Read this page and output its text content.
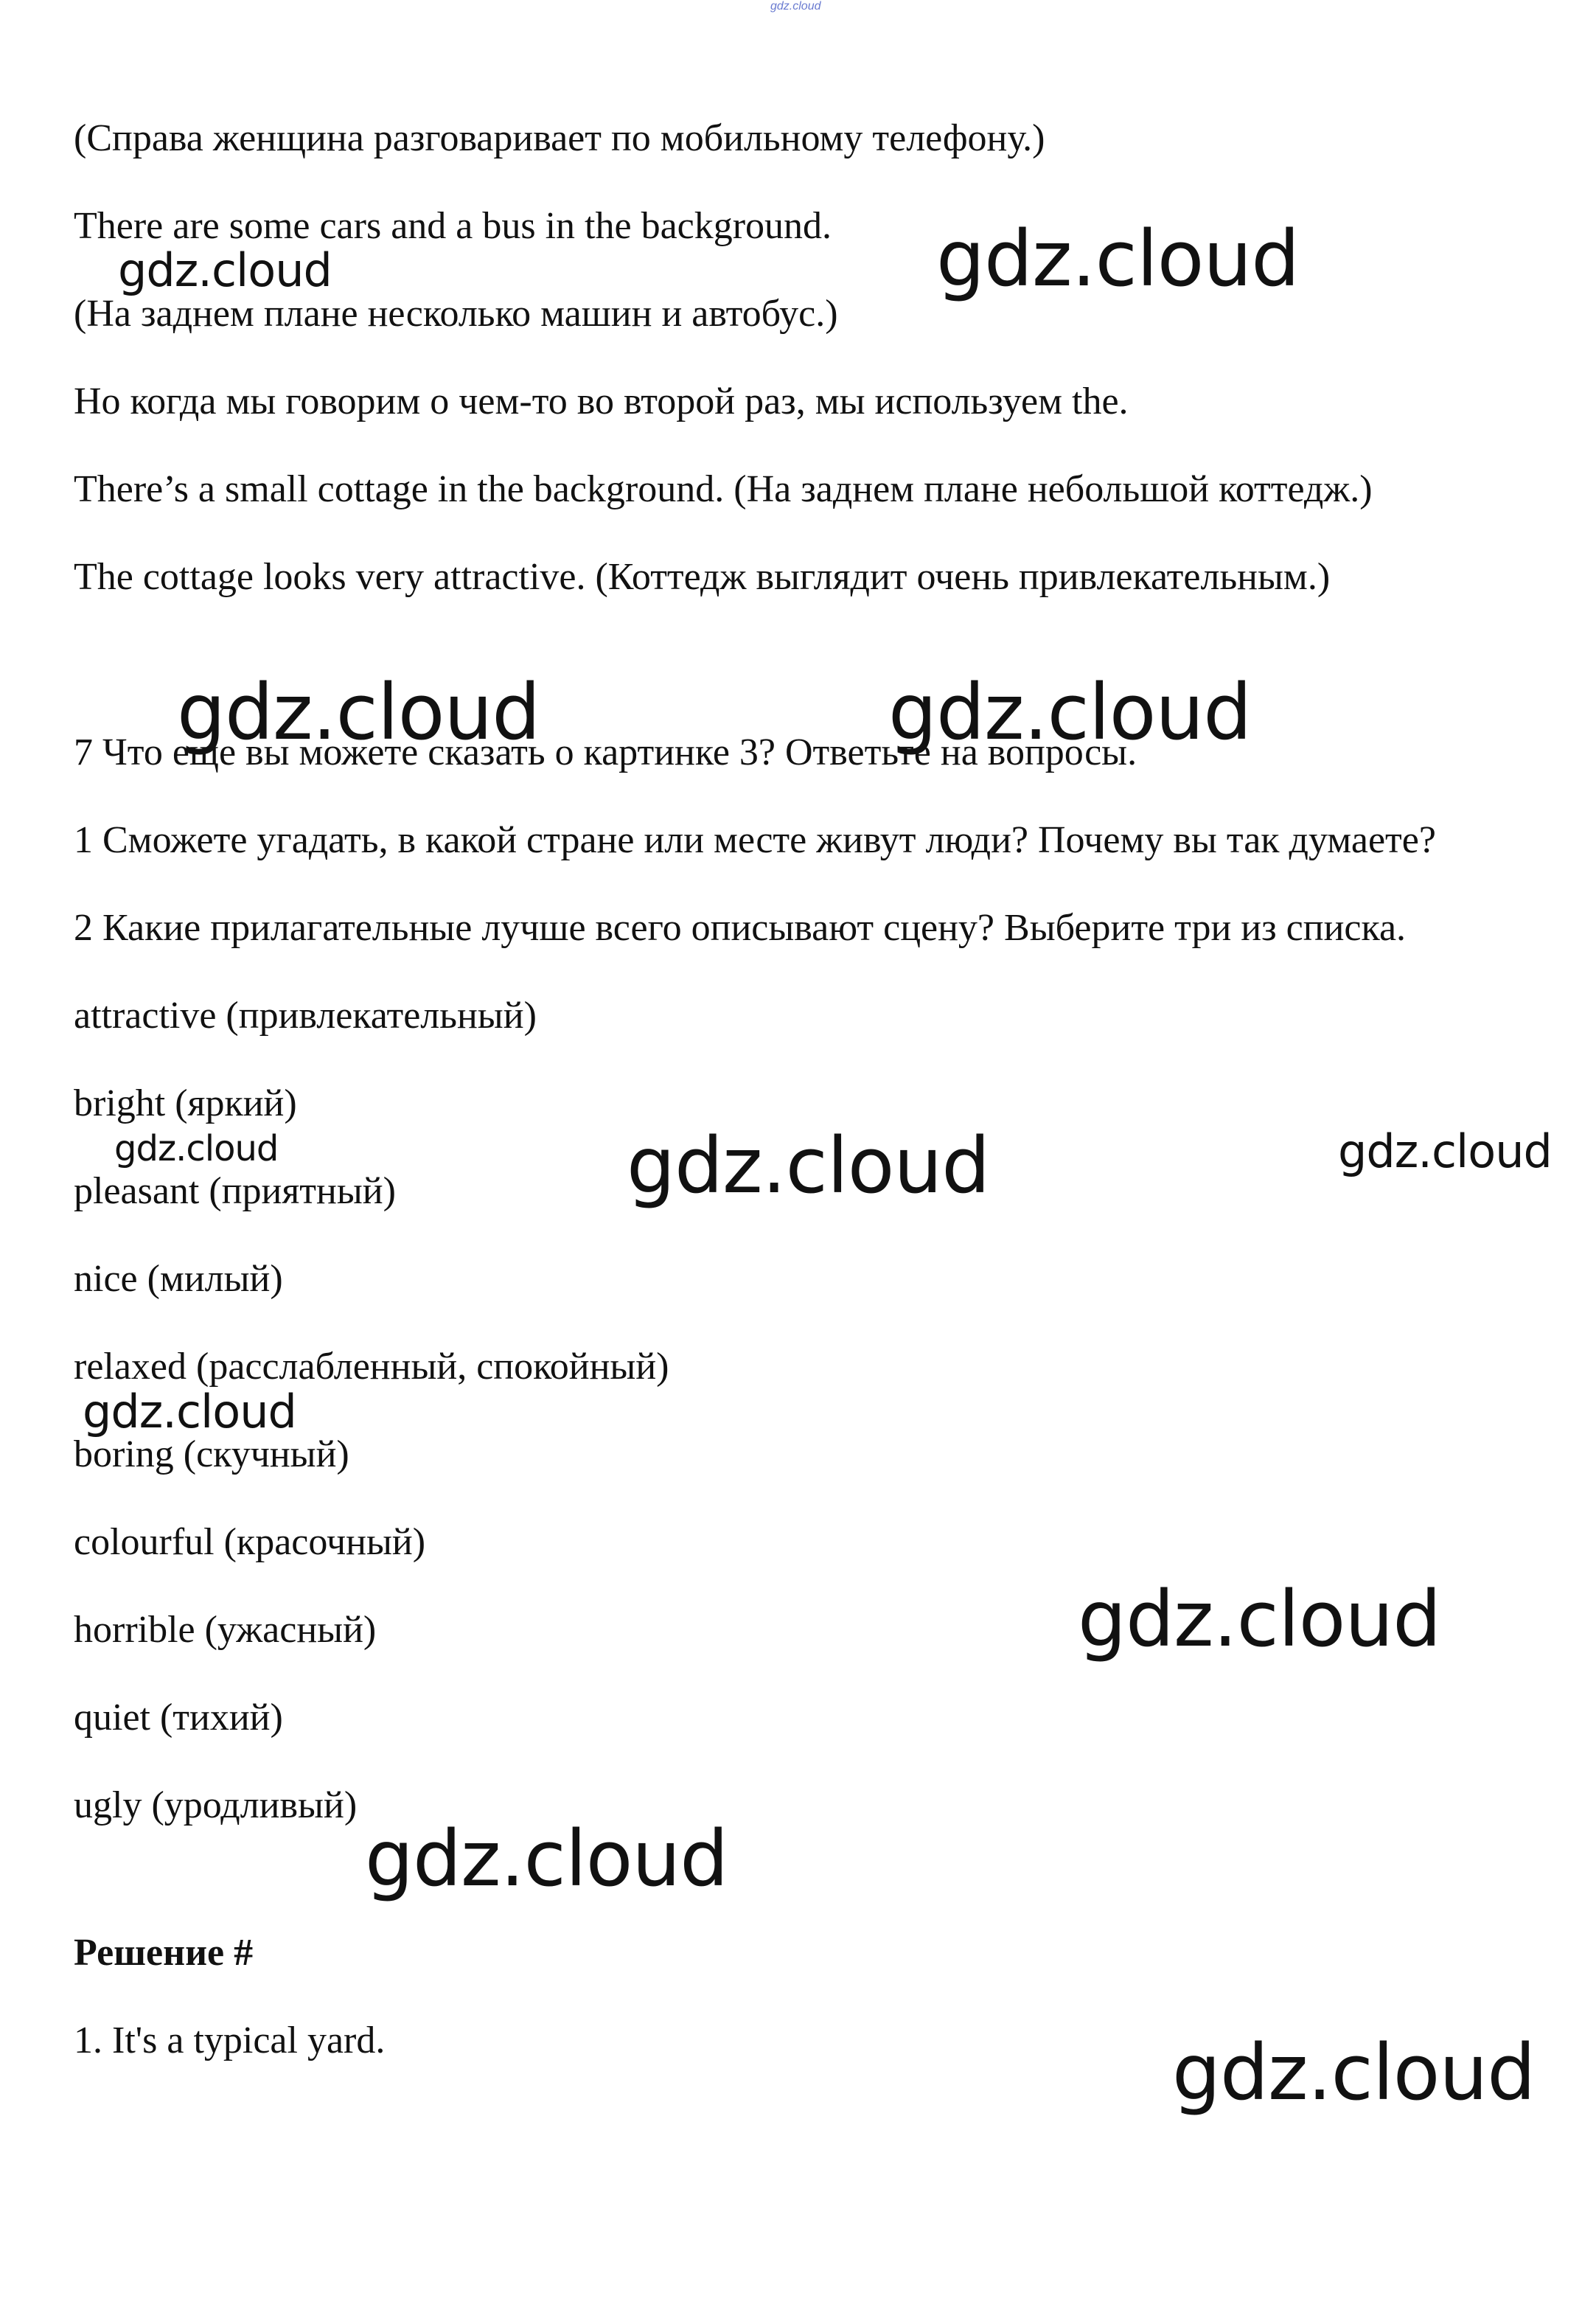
gdz.cloud
(Справа женщина разговаривает по мобильному телефону.)
There are some cars and a bus in the background.
(На заднем плане несколько машин и автобус.)
Но когда мы говорим о чем-то во второй раз, мы используем the.
There’s a small cottage in the background. (На заднем плане небольшой коттедж.)
The cottage looks very attractive. (Коттедж выглядит очень привлекательным.)
7 Что еще вы можете сказать о картинке 3? Ответьте на вопросы.
1 Сможете угадать, в какой стране или месте живут люди? Почему вы так думаете?
2 Какие прилагательные лучше всего описывают сцену? Выберите три из списка.
attractive (привлекательный)
bright (яркий)
pleasant (приятный)
nice (милый)
relaxed (расслабленный, спокойный)
boring (скучный)
colourful (красочный)
horrible (ужасный)
quiet (тихий)
ugly (уродливый)
Решение #
1. It's a typical yard.
gdz.cloud	gdz.cloud
gdz.cloud	gdz.cloud
gdz.cloud	gdz.cloud	gdz.cloud
gdz.cloud
gdz.cloud
gdz.cloud
gdz.cloud
